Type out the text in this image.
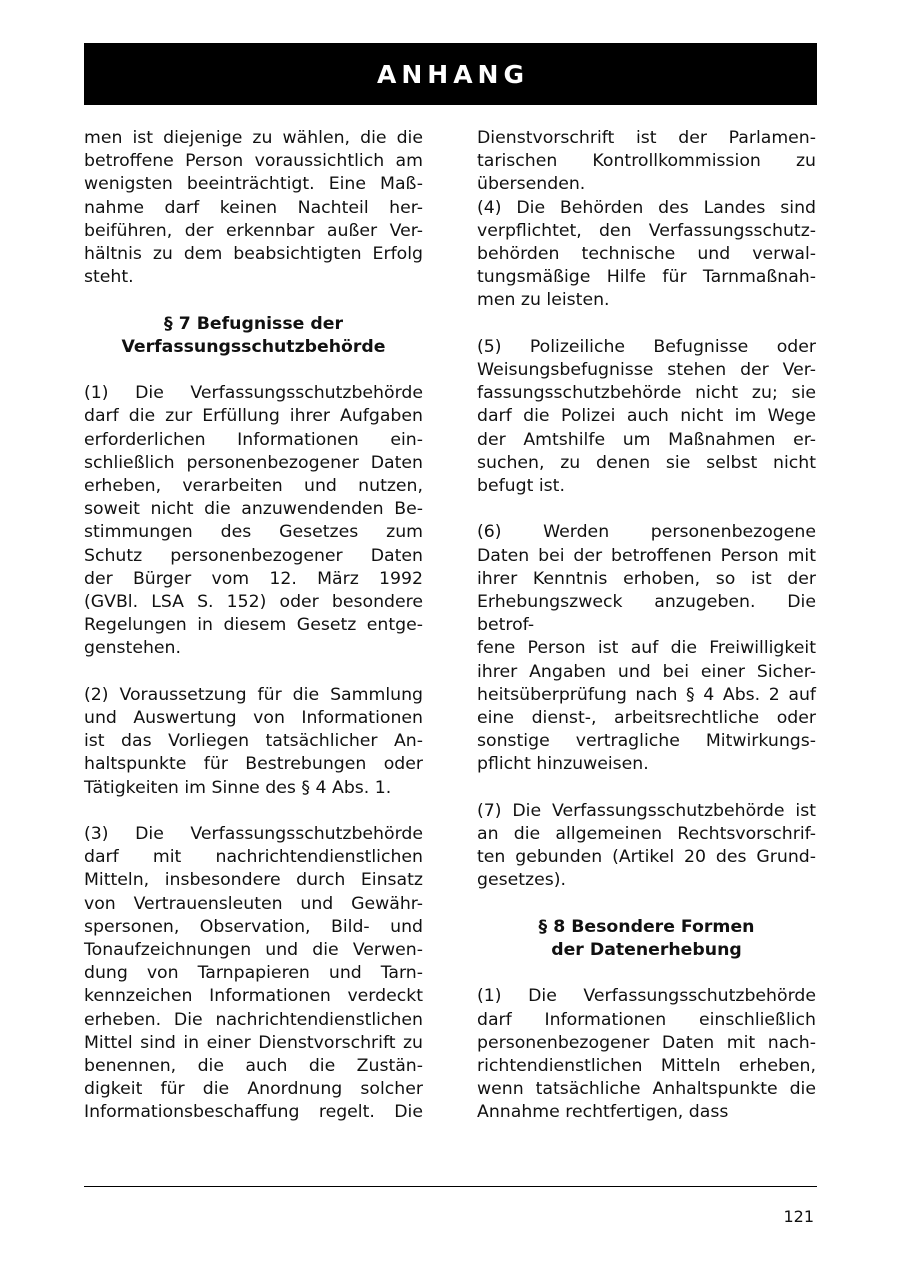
ANHANG

men ist diejenige zu wählen, die die
betroffene Person voraussichtlich am
wenigsten beeinträchtigt. Eine Maß-
nahme darf keinen Nachteil her-
beiführen, der erkennbar außer Ver-
hältnis zu dem beabsichtigten Erfolg
steht.

§ 7 Befugnisse der
Verfassungsschutzbehörde

(1) Die Verfassungsschutzbehörde
darf die zur Erfüllung ihrer Aufgaben
erforderlichen Informationen ein-
schließlich personenbezogener Daten
erheben, verarbeiten und nutzen,
soweit nicht die anzuwendenden Be-
stimmungen des Gesetzes zum
Schutz personenbezogener Daten
der Bürger vom 12. März 1992
(GVBl. LSA S. 152) oder besondere
Regelungen in diesem Gesetz entge-
genstehen.

(2) Voraussetzung für die Sammlung
und Auswertung von Informationen
ist das Vorliegen tatsächlicher An-
haltspunkte für Bestrebungen oder
Tätigkeiten im Sinne des § 4 Abs. 1.

(3) Die Verfassungsschutzbehörde
darf mit nachrichtendienstlichen
Mitteln, insbesondere durch Einsatz
von Vertrauensleuten und Gewähr-
spersonen, Observation, Bild- und
Tonaufzeichnungen und die Verwen-
dung von Tarnpapieren und Tarn-
kennzeichen Informationen verdeckt
erheben. Die nachrichtendienstlichen
Mittel sind in einer Dienstvorschrift zu
benennen, die auch die Zustän-
digkeit für die Anordnung solcher
Informationsbeschaffung regelt. Die

Dienstvorschrift ist der Parlamen-
tarischen Kontrollkommission zu
übersenden.

(4) Die Behörden des Landes sind
verpflichtet, den Verfassungsschutz-
behörden technische und verwal-
tungsmäßige Hilfe für Tarnmaßnah-
men zu leisten.

(5) Polizeiliche Befugnisse oder
Weisungsbefugnisse stehen der Ver-
fassungsschutzbehörde nicht zu; sie
darf die Polizei auch nicht im Wege
der Amtshilfe um Maßnahmen er-
suchen, zu denen sie selbst nicht
befugt ist.

(6) Werden personenbezogene
Daten bei der betroffenen Person mit
ihrer Kenntnis erhoben, so ist der
Erhebungszweck anzugeben. Die
betrof-
fene Person ist auf die Freiwilligkeit
ihrer Angaben und bei einer Sicher-
heitsüberprüfung nach § 4 Abs. 2 auf
eine dienst-, arbeitsrechtliche oder
sonstige vertragliche Mitwirkungs-
pflicht hinzuweisen.

(7) Die Verfassungsschutzbehörde ist
an die allgemeinen Rechtsvorschrif-
ten gebunden (Artikel 20 des Grund-
gesetzes).

§ 8 Besondere Formen
der Datenerhebung

(1) Die Verfassungsschutzbehörde
darf Informationen einschließlich
personenbezogener Daten mit nach-
richtendienstlichen Mitteln erheben,
wenn tatsächliche Anhaltspunkte die
Annahme rechtfertigen, dass

121
